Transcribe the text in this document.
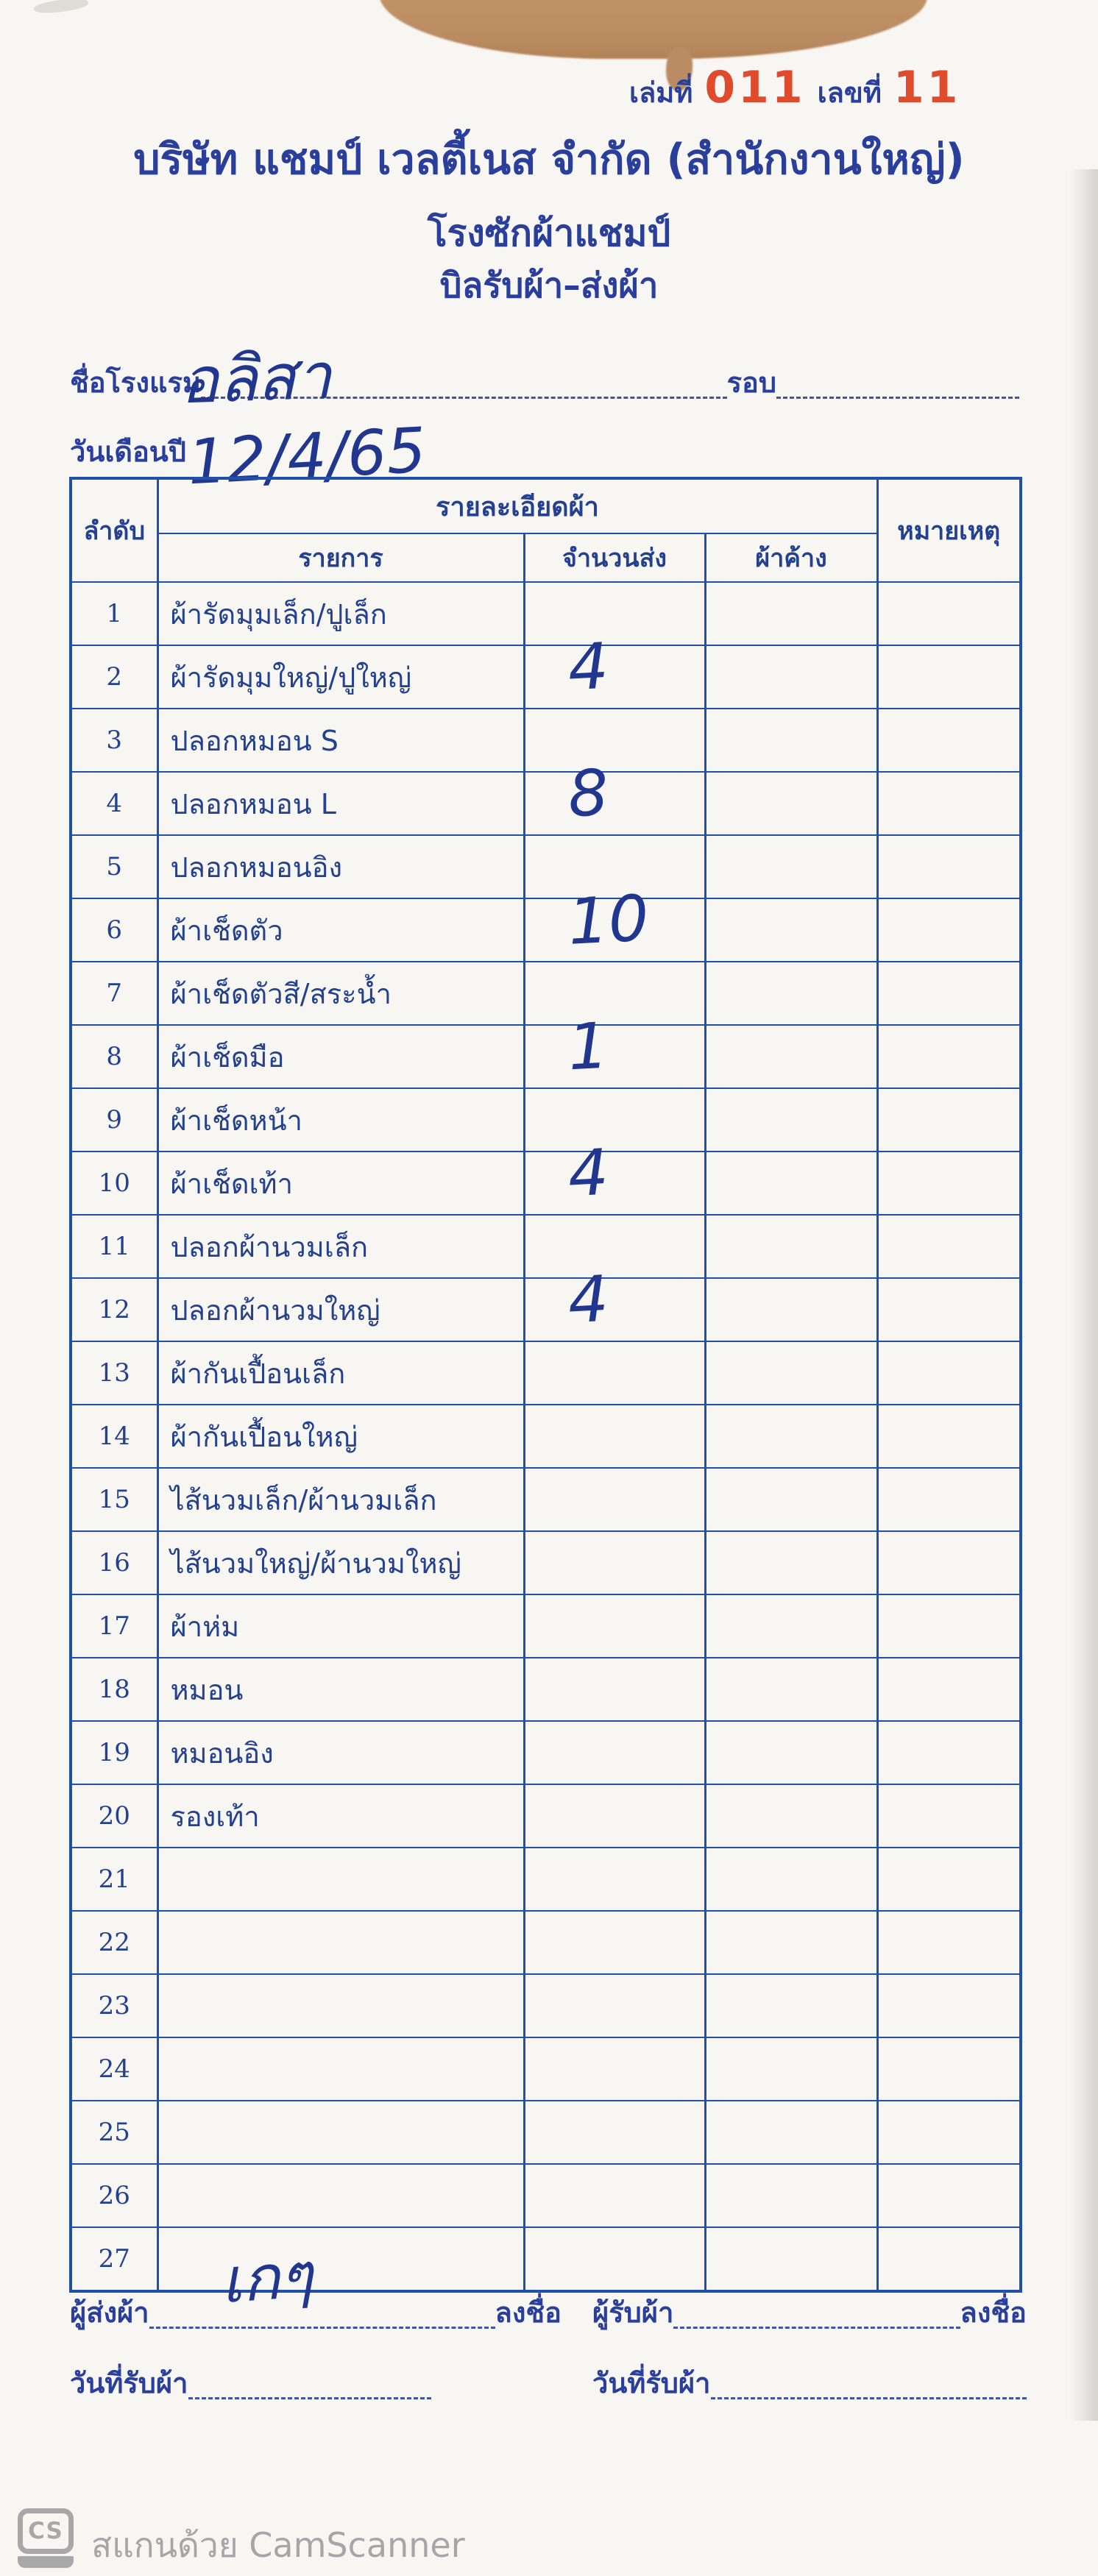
เล่มที่ 011 เลขที่ 11
บริษัท แชมป์ เวลตี้เนส จำกัด (สำนักงานใหญ่)
โรงซักผ้าแชมป์
บิลรับผ้า–ส่งผ้า
ชื่อโรงแรม	รอบ
อลิสา
วันเดือนปี 12/4/65
ลำดับ	รายละเอียดผ้า			หมายเหตุ
	รายการ	จำนวนส่ง	ผ้าค้าง	
1	ผ้ารัดมุมเล็ก/ปูเล็ก	

2	ผ้ารัดมุมใหญ่/ปูใหญ่	4		

3	ปลอกหมอน S	

4	ปลอกหมอน L	8		

5	ปลอกหมอนอิง	

6	ผ้าเช็ดตัว	10		

7	ผ้าเช็ดตัวสี/สระน้ำ	

8	ผ้าเช็ดมือ	1		

9	ผ้าเช็ดหน้า	

10	ผ้าเช็ดเท้า	4		

11	ปลอกผ้านวมเล็ก	

12	ปลอกผ้านวมใหญ่	4		

13	ผ้ากันเปื้อนเล็ก	

14	ผ้ากันเปื้อนใหญ่	

15	ไส้นวมเล็ก/ผ้านวมเล็ก	

16	ไส้นวมใหญ่/ผ้านวมใหญ่	

17	ผ้าห่ม	

18	หมอน	

19	หมอนอิง	

20	รองเท้า	

21		

22		

23		

24		

25		

26		

27		

ผู้ส่งผ้า	ลงชื่อ
เกๆ	ผู้รับผ้า	ลงชื่อ
วันที่รับผ้า	วันที่รับผ้า
CS สแกนด้วย CamScanner
